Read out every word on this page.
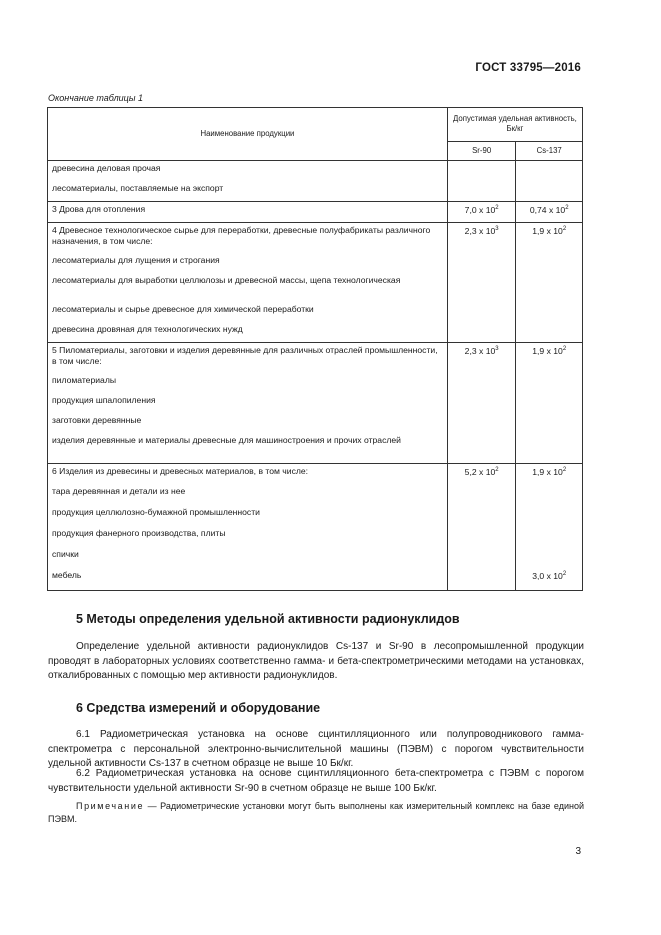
ГОСТ 33795—2016
Окончание таблицы 1
Наименование продукции	Допустимая удельная активность, Бк/кг	
	Sr-90	Cs-137

древесина деловая прочая		

лесоматериалы, поставляемые на экспорт		

3 Дрова для отопления	7,0 x $10^2$	0,74 x $10^2$

4 Древесное технологическое сырье для переработки, древесные полуфабрикаты различного назначения, в том числе:	2,3 x $10^3$	1,9 x $10^2$

лесоматериалы для лущения и строгания		

лесоматериалы для выработки целлюлозы и древесной массы, щепа технологическая		

лесоматериалы и сырье древесное для химической переработки		

древесина дровяная для технологических нужд		

5 Пиломатериалы, заготовки и изделия деревянные для различных отраслей промышленности, в том числе:	2,3 x $10^3$	1,9 x $10^2$

пиломатериалы		

продукция шпалопиления		

заготовки деревянные		

изделия деревянные и материалы древесные для машиностроения и прочих отраслей		

6 Изделия из древесины и древесных материалов, в том числе:	5,2 x $10^2$	1,9 x $10^2$

тара деревянная и детали из нее		

продукция целлюлозно-бумажной промышленности		

продукция фанерного производства, плиты		

спички		

мебель		3,0 x $10^2$
5 Методы определения удельной активности радионуклидов
Определение удельной активности радионуклидов Cs-137 и Sr-90 в лесопромышленной продукции проводят в лабораторных условиях соответственно гамма- и бета-спектрометрическими методами на установках, откалиброванных с помощью мер активности радионуклидов.
6 Средства измерений и оборудование
6.1 Радиометрическая установка на основе сцинтилляционного или полупроводникового гамма-спектрометра с персональной электронно-вычислительной машины (ПЭВМ) с порогом чувствительности удельной активности Cs-137 в счетном образце не выше 10 Бк/кг.
6.2 Радиометрическая установка на основе сцинтилляционного бета-спектрометра с ПЭВМ с порогом чувствительности удельной активности Sr-90 в счетном образце не выше 100 Бк/кг.
Примечание — Радиометрические установки могут быть выполнены как измерительный комплекс на базе единой ПЭВМ.
3
